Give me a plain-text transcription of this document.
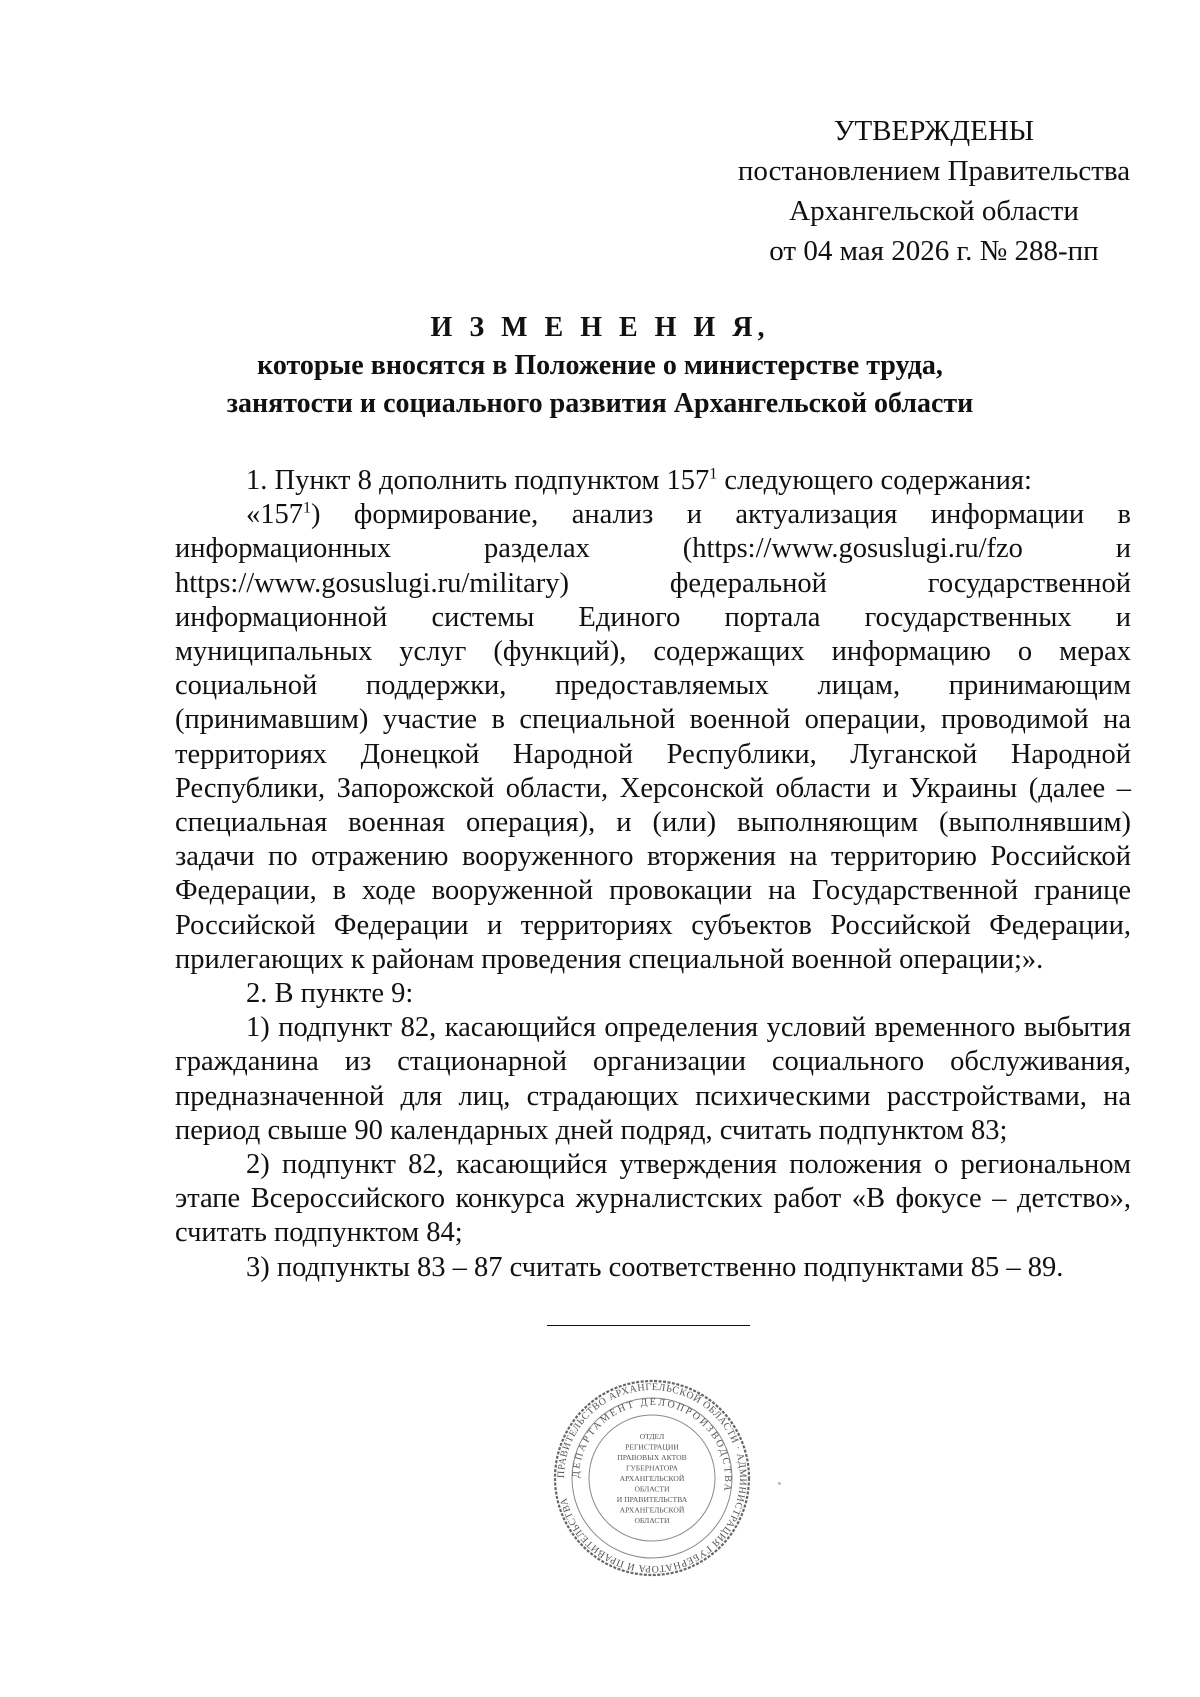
УТВЕРЖДЕНЫ
постановлением Правительства
Архангельской области
от 04 мая 2026 г. № 288-пп
И З М Е Н Е Н И Я,
которые вносятся в Положение о министерстве труда,
занятости и социального развития Архангельской области

1. Пункт 8 дополнить подпунктом $157^1$ следующего содержания:

«$157^1$) формирование, анализ и актуализация информации в информационных разделах (https://www.gosuslugi.ru/fzo и https://www.gosuslugi.ru/military) федеральной государственной информационной системы Единого портала государственных и муниципальных услуг (функций), содержащих информацию о мерах социальной поддержки, предоставляемых лицам, принимающим (принимавшим) участие в специальной военной операции, проводимой на территориях Донецкой Народной Республики, Луганской Народной Республики, Запорожской области, Херсонской области и Украины (далее – специальная военная операция), и (или) выполняющим (выполнявшим) задачи по отражению вооруженного вторжения на территорию Российской Федерации, в ходе вооруженной провокации на Государственной границе Российской Федерации и территориях субъектов Российской Федерации, прилегающих к районам проведения специальной военной операции;».

2. В пункте 9:

1) подпункт 82, касающийся определения условий временного выбытия гражданина из стационарной организации социального обслуживания, предназначенной для лиц, страдающих психическими расстройствами, на период свыше 90 календарных дней подряд, считать подпунктом 83;

2) подпункт 82, касающийся утверждения положения о региональном этапе Всероссийского конкурса журналистских работ «В фокусе – детство», считать подпунктом 84;

3) подпункты 83 – 87 считать соответственно подпунктами 85 – 89.

ПРАВИТЕЛЬСТВО АРХАНГЕЛЬСКОЙ ОБЛАСТИ · АДМИНИСТРАЦИЯ ГУБЕРНАТОРА И ПРАВИТЕЛЬСТВА
ДЕПАРТАМЕНТ ДЕЛОПРОИЗВОДСТВА
ОТДЕЛ
РЕГИСТРАЦИИ
ПРАВОВЫХ АКТОВ
ГУБЕРНАТОРА
АРХАНГЕЛЬСКОЙ
ОБЛАСТИ
И ПРАВИТЕЛЬСТВА
АРХАНГЕЛЬСКОЙ
ОБЛАСТИ
